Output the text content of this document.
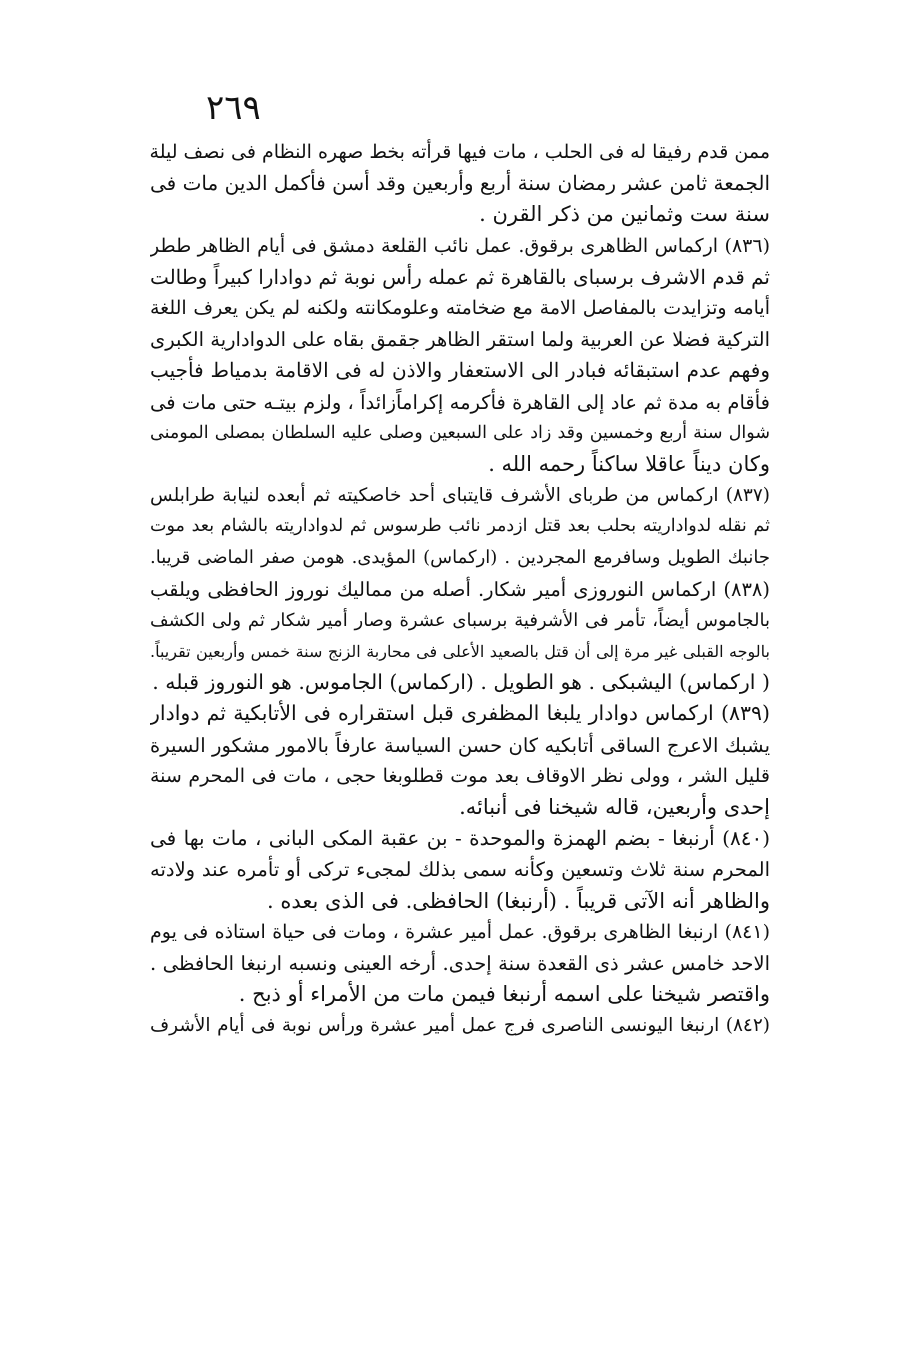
٢٦٩
ممن قدم رفيقا له فى الحلب ، مات فيها قرأته بخط صهره النظام فى نصف ليلة
الجمعة ثامن عشر رمضان سنة أربع وأربعين وقد أسن فأكمل الدين مات فى
سنة ست وثمانين من ذكر القرن .
(٨٣٦) اركماس الظاهرى برقوق. عمل نائب القلعة دمشق فى أيام الظاهر ططر
ثم قدم الاشرف برسباى بالقاهرة ثم عمله رأس نوبة ثم دوادارا كبيراً وطالت
أيامه وتزايدت بالمفاصل الامة مع ضخامته وعلومكانته ولكنه لم يكن يعرف اللغة
التركية فضلا عن العربية ولما استقر الظاهر جقمق بقاه على الدوادارية الكبرى
وفهم عدم استبقائه فبادر الى الاستعفار والاذن له فى الاقامة بدمياط فأجيب
فأقام به مدة ثم عاد إلى القاهرة فأكرمه إكراماًزائداً ، ولزم بيتـه حتى مات فى
شوال سنة أربع وخمسين وقد زاد على السبعين وصلى عليه السلطان بمصلى المومنى
وكان ديناً عاقلا ساكناً رحمه الله .
(٨٣٧) اركماس من طرباى الأشرف قايتباى أحد خاصكيته ثم أبعده لنيابة طرابلس
ثم نقله لدواداريته بحلب بعد قتل ازدمر نائب طرسوس ثم لدواداريته بالشام بعد موت
جانبك الطويل وسافرمع المجردين . (اركماس) المؤيدى. هومن صفر الماضى قريبا.
(٨٣٨) اركماس النوروزى أمير شكار. أصله من مماليك نوروز الحافظى ويلقب
بالجاموس أيضاً، تأمر فى الأشرفية برسباى عشرة وصار أمير شكار ثم ولى الكشف
بالوجه القبلى غير مرة إلى أن قتل بالصعيد الأعلى فى محاربة الزنج سنة خمس وأربعين تقريباً.
( اركماس) اليشبكى . هو الطويل . (اركماس) الجاموس. هو النوروز قبله .
(٨٣٩) اركماس دوادار يلبغا المظفرى قبل استقراره فى الأتابكية ثم دوادار
يشبك الاعرج الساقى أتابكيه كان حسن السياسة عارفاً بالامور مشكور السيرة
قليل الشر ، وولى نظر الاوقاف بعد موت قطلوبغا حجى ، مات فى المحرم سنة
إحدى وأربعين، قاله شيخنا فى أنبائه.
(٨٤٠) أرنبغا - بضم الهمزة والموحدة - بن عقبة المكى البانى ، مات بها فى
المحرم سنة ثلاث وتسعين وكأنه سمى بذلك لمجىء تركى أو تأمره عند ولادته
والظاهر أنه الآتى قريباً . (أرنبغا) الحافظى. فى الذى بعده .
(٨٤١) ارنبغا الظاهرى برقوق. عمل أمير عشرة ، ومات فى حياة استاذه فى يوم
الاحد خامس عشر ذى القعدة سنة إحدى. أرخه العينى ونسبه ارنبغا الحافظى .
واقتصر شيخنا على اسمه أرنبغا فيمن مات من الأمراء أو ذبح .
(٨٤٢) ارنبغا اليونسى الناصرى فرج عمل أمير عشرة ورأس نوبة فى أيام الأشرف
